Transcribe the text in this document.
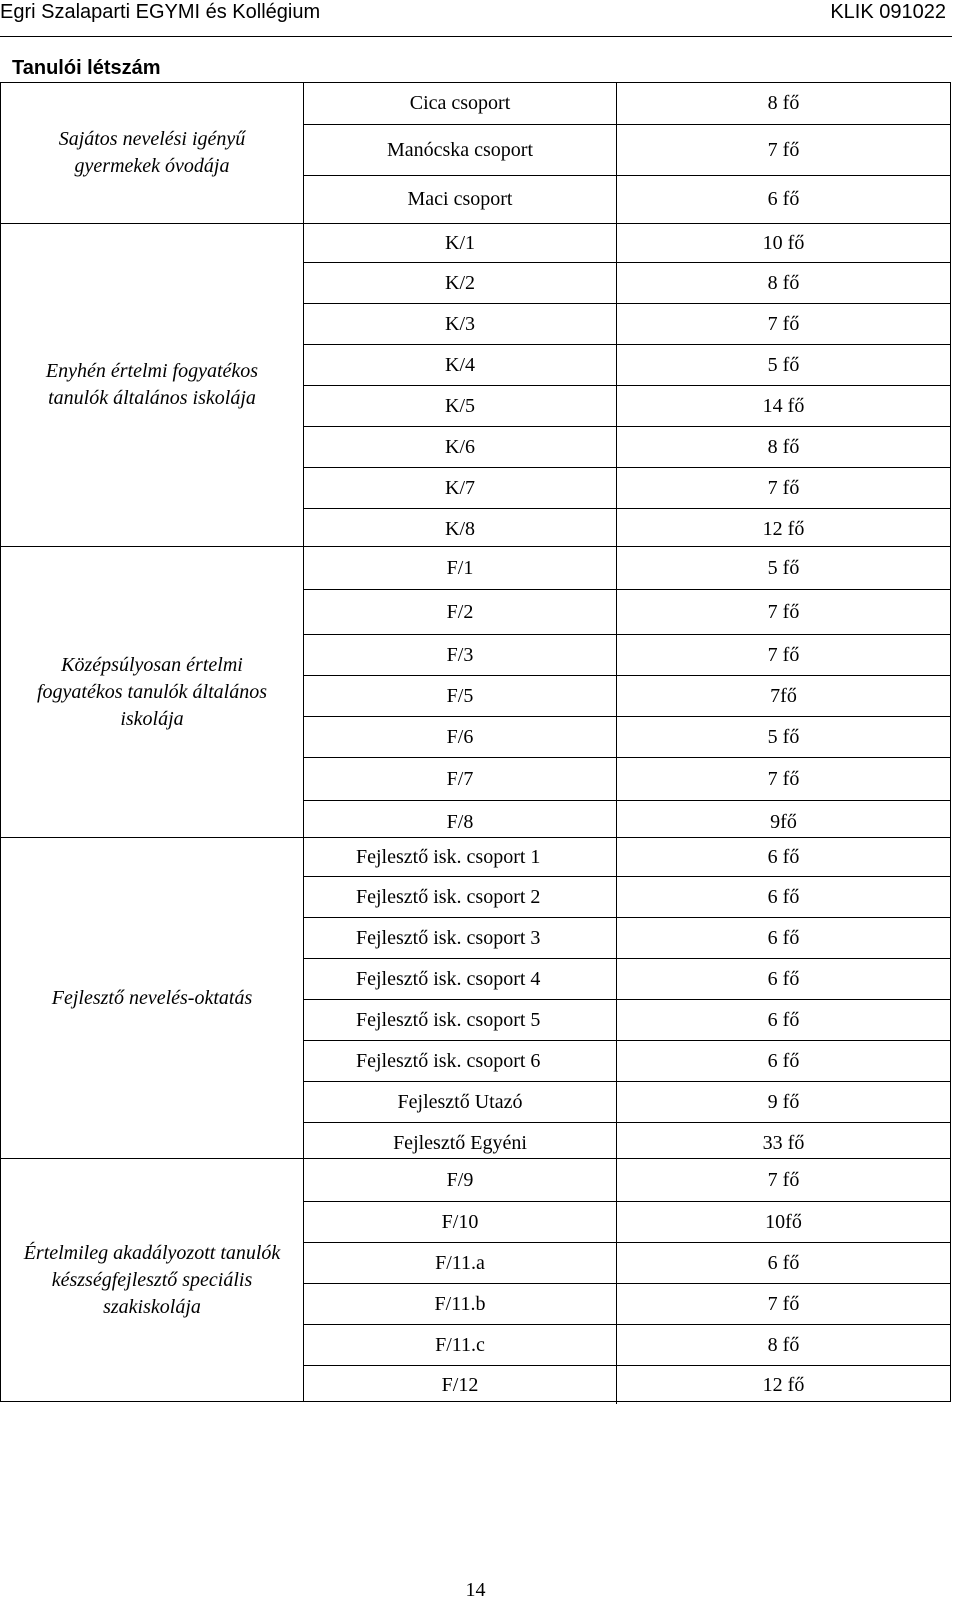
Egri Szalaparti EGYMI és Kollégium	KLIK 091022
Tanulói létszám
Sajátos nevelési igényű gyermekek óvodája
Cica csoport	8 fő
Manócska csoport	7 fő
Maci csoport	6 fő
Enyhén értelmi fogyatékos tanulók általános iskolája
K/1	10 fő
K/2	8 fő
K/3	7 fő
K/4	5 fő
K/5	14 fő
K/6	8 fő
K/7	7 fő
K/8	12 fő
Középsúlyosan értelmi fogyatékos tanulók általános iskolája
F/1	5 fő
F/2	7 fő
F/3	7 fő
F/5	7fő
F/6	5 fő
F/7	7 fő
F/8	9fő
Fejlesztő nevelés-oktatás
Fejlesztő isk. csoport 1	6 fő
Fejlesztő isk. csoport 2	6 fő
Fejlesztő isk. csoport 3	6 fő
Fejlesztő isk. csoport 4	6 fő
Fejlesztő isk. csoport 5	6 fő
Fejlesztő isk. csoport 6	6 fő
Fejlesztő Utazó	9 fő
Fejlesztő Egyéni	33 fő
Értelmileg akadályozott tanulók készségfejlesztő speciális szakiskolája
F/9	7 fő
F/10	10fő
F/11.a	6 fő
F/11.b	7 fő
F/11.c	8 fő
F/12	12 fő
14
